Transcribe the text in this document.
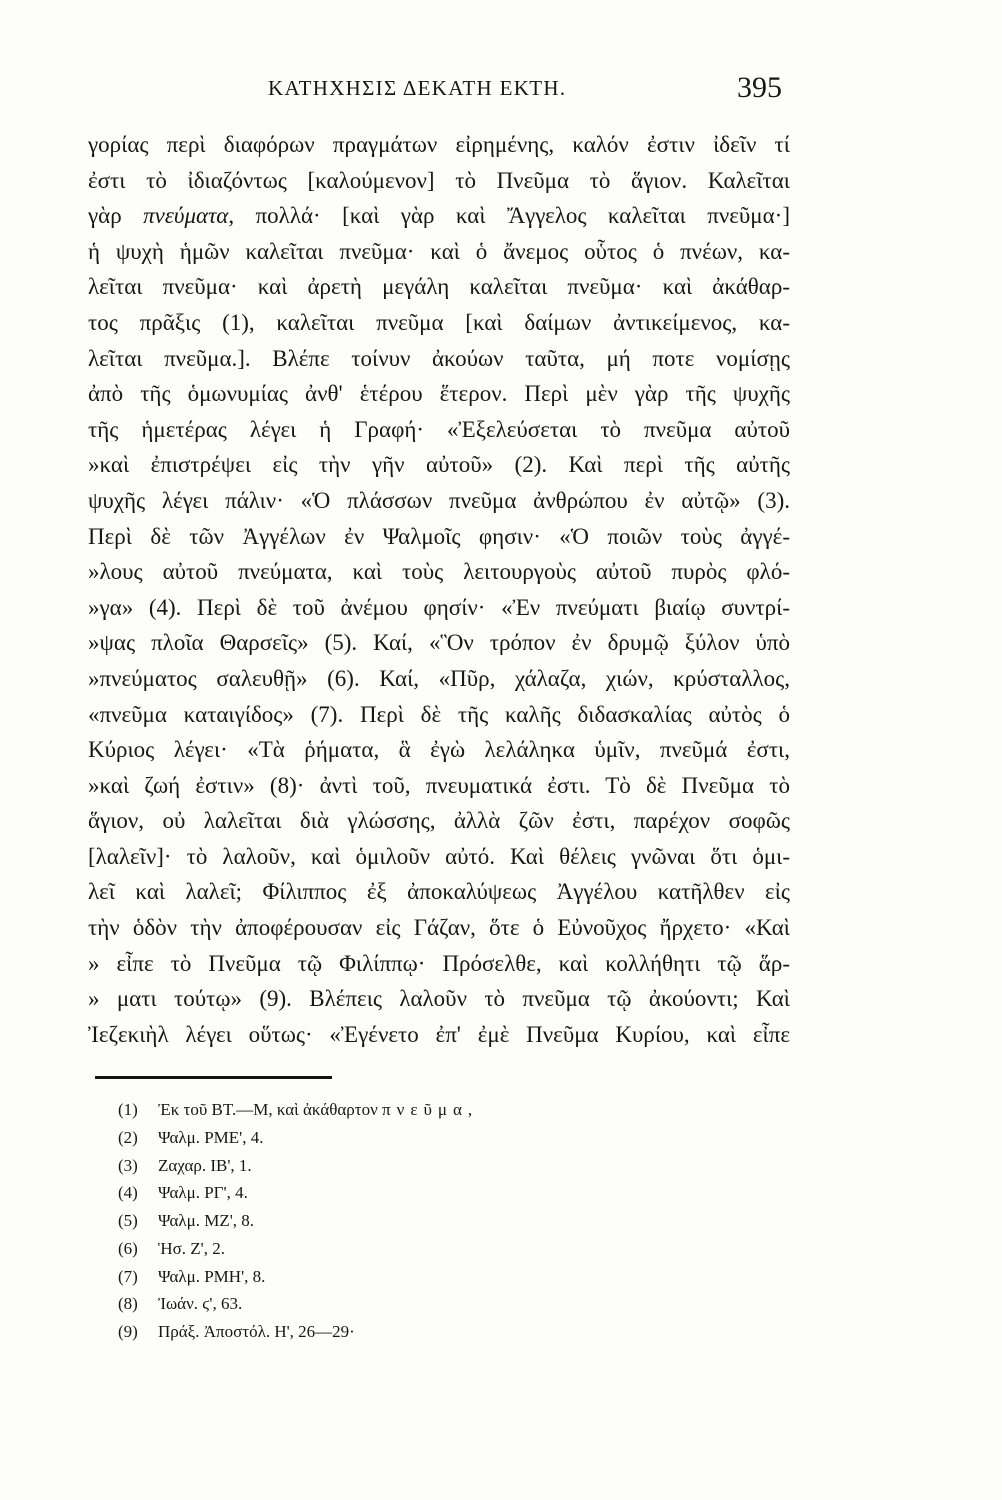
ΚΑΤΗΧΗΣΙΣ ΔΕΚΑΤΗ ΕΚΤΗ.	395
γορίας περὶ διαφόρων πραγμάτων εἰρημένης, καλόν ἐστιν ἰδεῖν τί
ἐστι τὸ ἰδιαζόντως [καλούμενον] τὸ Πνεῦμα τὸ ἅγιον. Καλεῖται
γὰρ πνεύματα, πολλά· [καὶ γὰρ καὶ Ἄγγελος καλεῖται πνεῦμα·]
ἡ ψυχὴ ἡμῶν καλεῖται πνεῦμα· καὶ ὁ ἄνεμος οὗτος ὁ πνέων, κα-
λεῖται πνεῦμα· καὶ ἀρετὴ μεγάλη καλεῖται πνεῦμα· καὶ ἀκάθαρ-
τος πρᾶξις (1), καλεῖται πνεῦμα [καὶ δαίμων ἀντικείμενος, κα-
λεῖται πνεῦμα.]. Βλέπε τοίνυν ἀκούων ταῦτα, μή ποτε νομίσῃς
ἀπὸ τῆς ὁμωνυμίας ἀνθ' ἑτέρου ἕτερον. Περὶ μὲν γὰρ τῆς ψυχῆς
τῆς ἡμετέρας λέγει ἡ Γραφή· «Ἐξελεύσεται τὸ πνεῦμα αὐτοῦ
»καὶ ἐπιστρέψει εἰς τὴν γῆν αὐτοῦ» (2). Καὶ περὶ τῆς αὐτῆς
ψυχῆς λέγει πάλιν· «Ὁ πλάσσων πνεῦμα ἀνθρώπου ἐν αὐτῷ» (3).
Περὶ δὲ τῶν Ἀγγέλων ἐν Ψαλμοῖς φησιν· «Ὁ ποιῶν τοὺς ἀγγέ-
»λους αὐτοῦ πνεύματα, καὶ τοὺς λειτουργοὺς αὐτοῦ πυρὸς φλό-
»γα» (4). Περὶ δὲ τοῦ ἀνέμου φησίν· «Ἐν πνεύματι βιαίῳ συντρί-
»ψας πλοῖα Θαρσεῖς» (5). Καί, «Ὃν τρόπον ἐν δρυμῷ ξύλον ὑπὸ
»πνεύματος σαλευθῇ» (6). Καί, «Πῦρ, χάλαζα, χιών, κρύσταλλος,
«πνεῦμα καταιγίδος» (7). Περὶ δὲ τῆς καλῆς διδασκαλίας αὐτὸς ὁ
Κύριος λέγει· «Τὰ ῥήματα, ἃ ἐγὼ λελάληκα ὑμῖν, πνεῦμά ἐστι,
»καὶ ζωή ἐστιν» (8)· ἀντὶ τοῦ, πνευματικά ἐστι. Τὸ δὲ Πνεῦμα τὸ
ἅγιον, οὐ λαλεῖται διὰ γλώσσης, ἀλλὰ ζῶν ἐστι, παρέχον σοφῶς
[λαλεῖν]· τὸ λαλοῦν, καὶ ὁμιλοῦν αὐτό. Καὶ θέλεις γνῶναι ὅτι ὁμι-
λεῖ καὶ λαλεῖ; Φίλιππος ἐξ ἀποκαλύψεως Ἀγγέλου κατῆλθεν εἰς
τὴν ὁδὸν τὴν ἀποφέρουσαν εἰς Γάζαν, ὅτε ὁ Εὐνοῦχος ἤρχετο· «Καὶ
» εἶπε τὸ Πνεῦμα τῷ Φιλίππῳ· Πρόσελθε, καὶ κολλήθητι τῷ ἅρ-
» ματι τούτῳ» (9). Βλέπεις λαλοῦν τὸ πνεῦμα τῷ ἀκούοντι; Καὶ
Ἰεζεκιὴλ λέγει οὕτως· «Ἐγένετο ἐπ' ἐμὲ Πνεῦμα Κυρίου, καὶ εἶπε
(1) Ἐκ τοῦ ΒΤ.—Μ, καὶ ἀκάθαρτον πνεῦμα,
(2) Ψαλμ. ΡΜΕ', 4.
(3) Ζαχαρ. ΙΒ', 1.
(4) Ψαλμ. ΡΓ', 4.
(5) Ψαλμ. ΜΖ', 8.
(6) Ἡσ. Ζ', 2.
(7) Ψαλμ. ΡΜΗ', 8.
(8) Ἰωάν. ϛ', 63.
(9) Πράξ. Ἀποστόλ. Η', 26—29·
